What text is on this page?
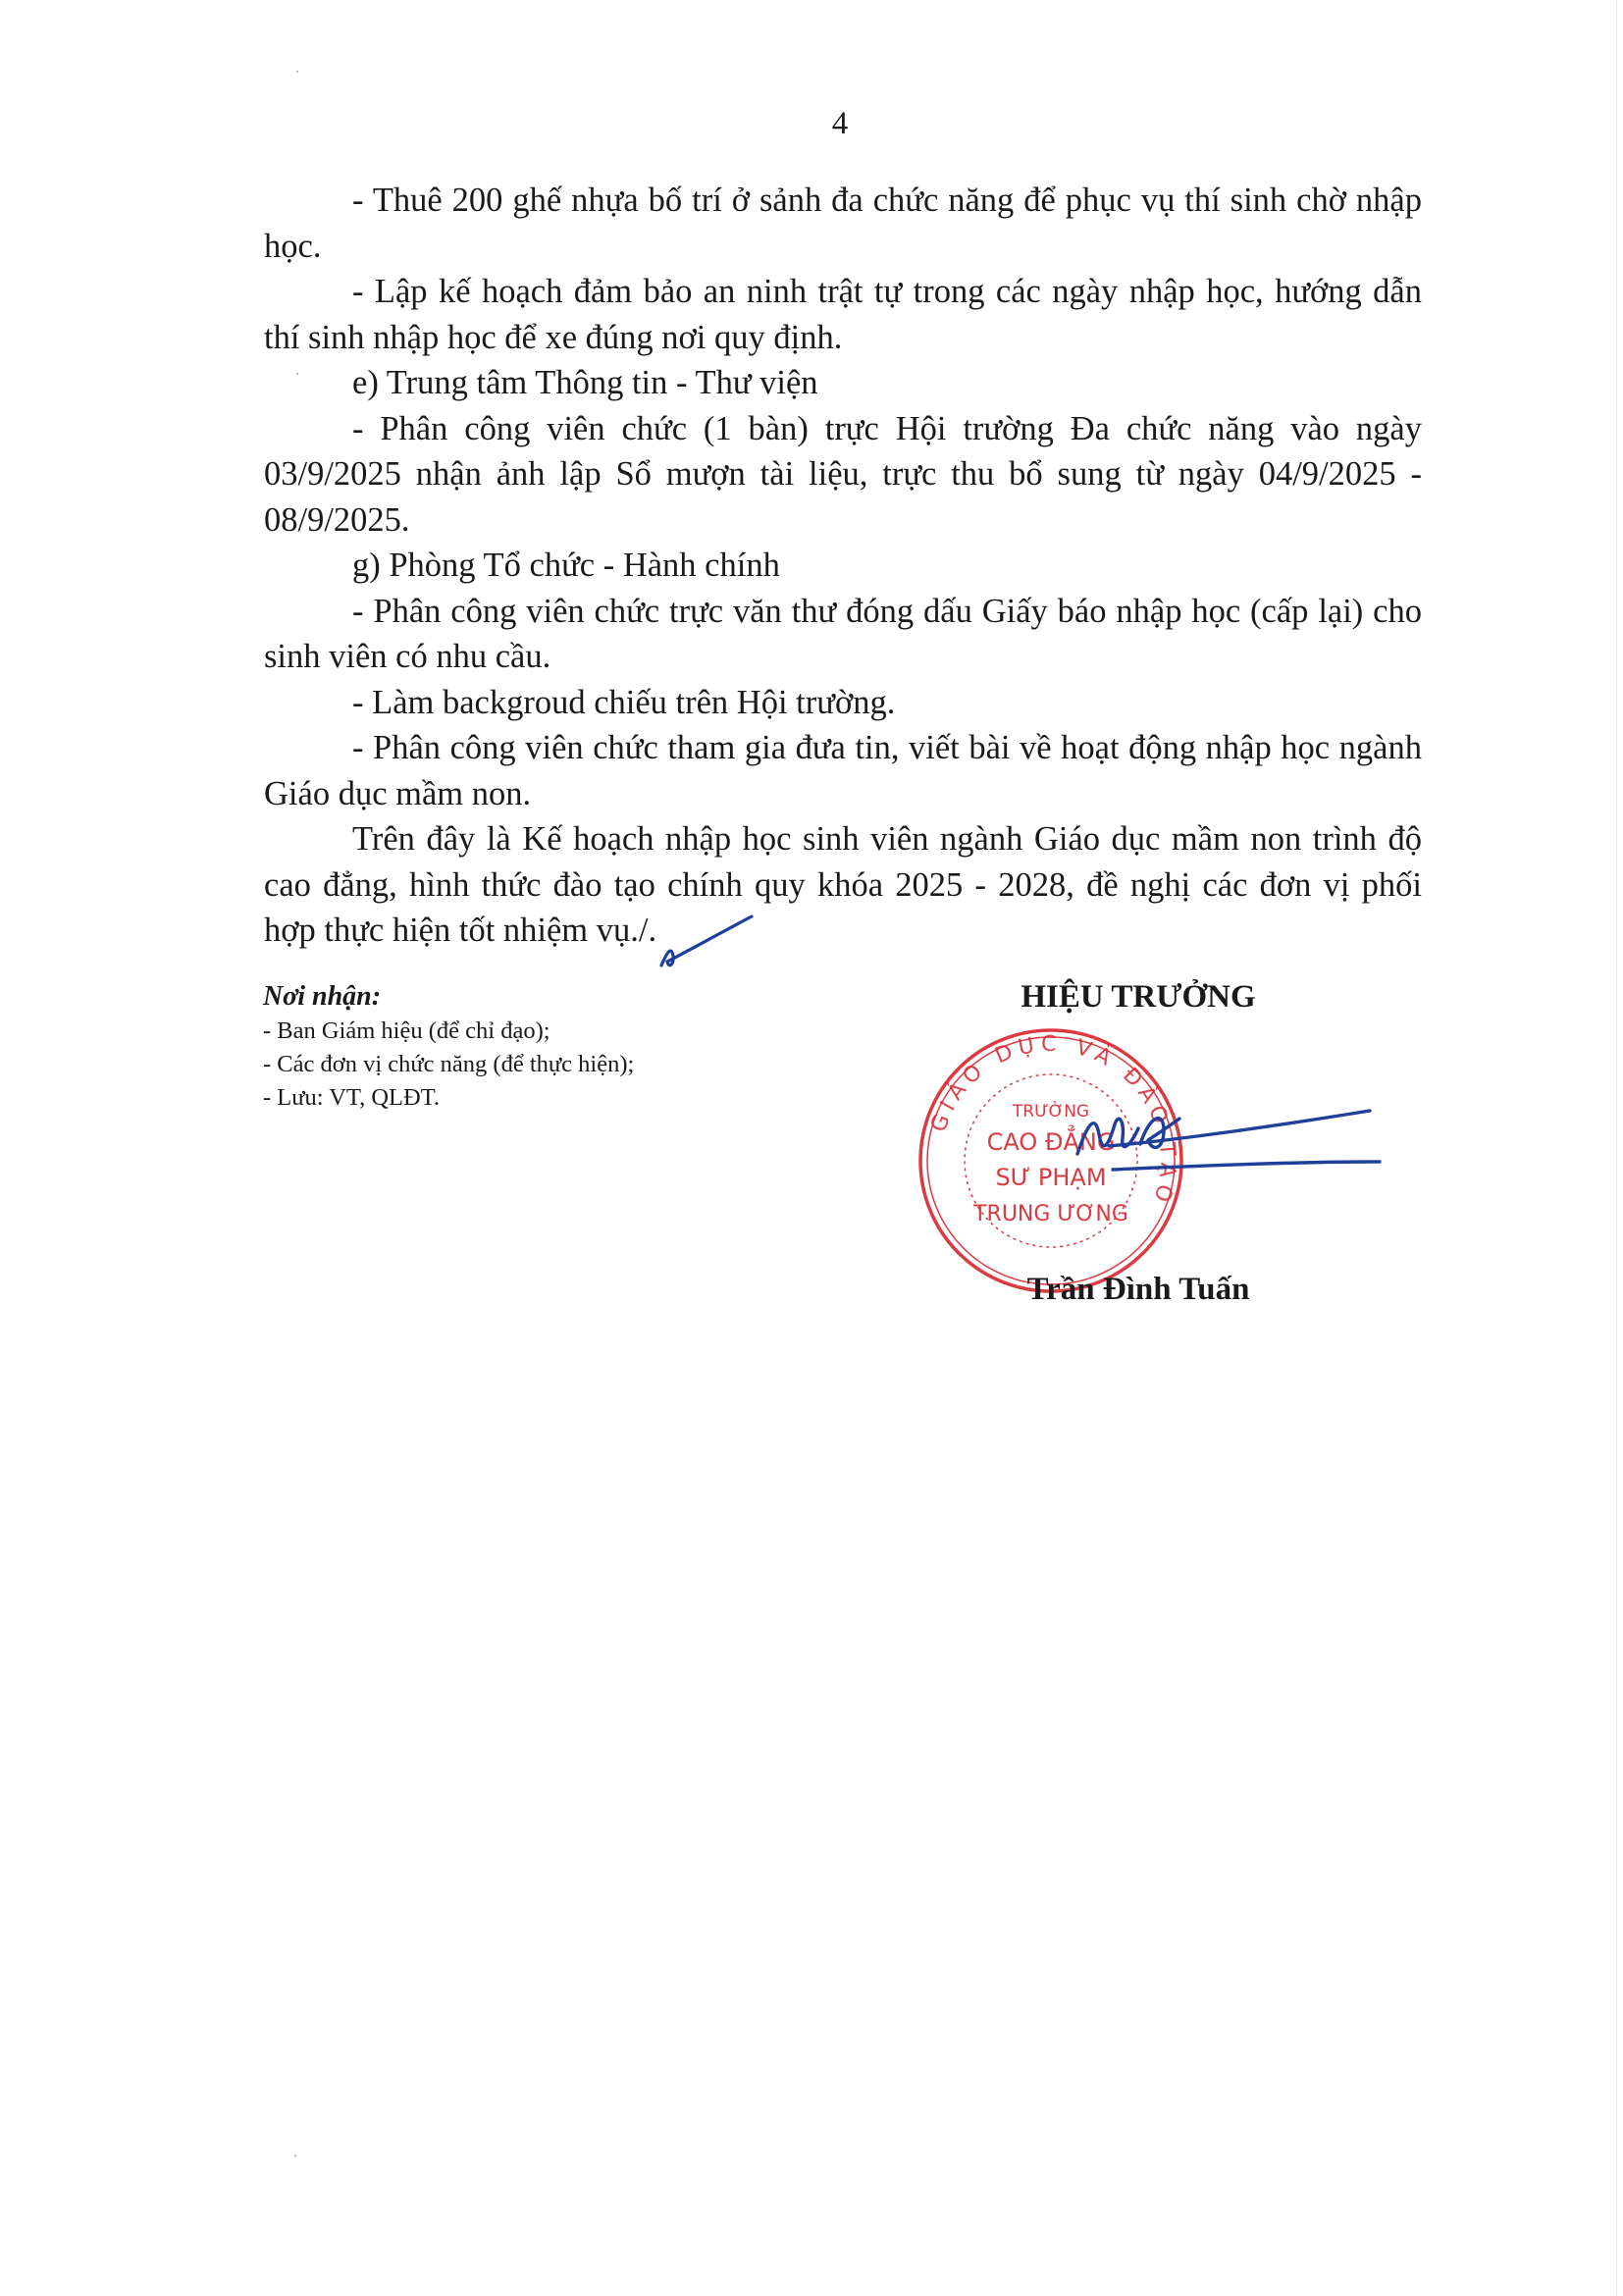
4

- Thuê 200 ghế nhựa bố trí ở sảnh đa chức năng để phục vụ thí sinh chờ nhập học.

- Lập kế hoạch đảm bảo an ninh trật tự trong các ngày nhập học, hướng dẫn thí sinh nhập học để xe đúng nơi quy định.

e) Trung tâm Thông tin - Thư viện

- Phân công viên chức (1 bàn) trực Hội trường Đa chức năng vào ngày 03/9/2025 nhận ảnh lập Sổ mượn tài liệu, trực thu bổ sung từ ngày 04/9/2025 - 08/9/2025.

g) Phòng Tổ chức - Hành chính

- Phân công viên chức trực văn thư đóng dấu Giấy báo nhập học (cấp lại) cho sinh viên có nhu cầu.

- Làm backgroud chiếu trên Hội trường.

- Phân công viên chức tham gia đưa tin, viết bài về hoạt động nhập học ngành Giáo dục mầm non.

Trên đây là Kế hoạch nhập học sinh viên ngành Giáo dục mầm non trình độ cao đẳng, hình thức đào tạo chính quy khóa 2025 - 2028, đề nghị các đơn vị phối hợp thực hiện tốt nhiệm vụ./.

Nơi nhận:
- Ban Giám hiệu (để chỉ đạo);
- Các đơn vị chức năng (để thực hiện);
- Lưu: VT, QLĐT.
HIỆU TRƯỞNG
GIÁO DỤC VÀ ĐÀO TẠO
TRƯỜNG
CAO ĐẲNG
SƯ PHẠM
TRUNG ƯƠNG
Trần Đình Tuấn
